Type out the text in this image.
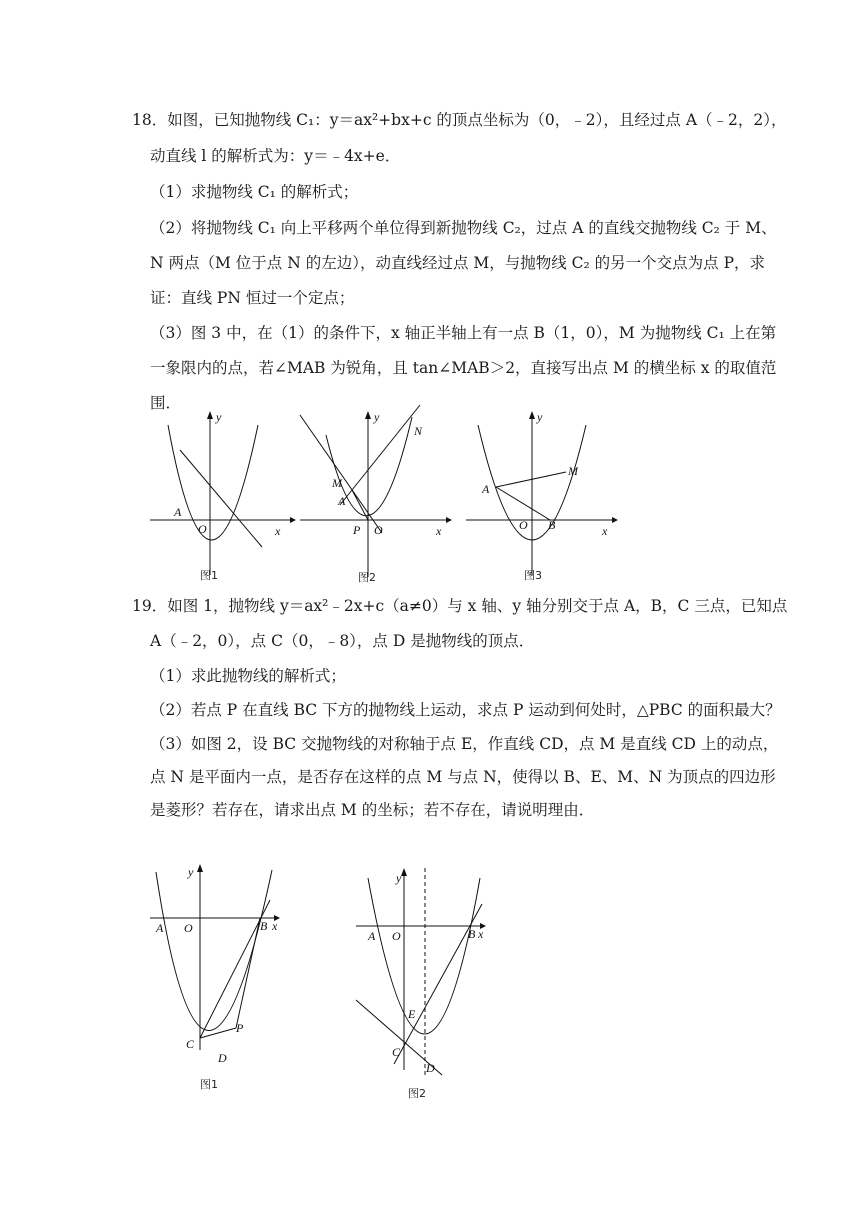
18．如图，已知抛物线 C₁：y＝ax²+bx+c 的顶点坐标为（0，﹣2），且经过点 A（﹣2，2），
动直线 l 的解析式为：y＝﹣4x+e．
（1）求抛物线 C₁ 的解析式；
（2）将抛物线 C₁ 向上平移两个单位得到新抛物线 C₂，过点 A 的直线交抛物线 C₂ 于 M、
N 两点（M 位于点 N 的左边），动直线经过点 M，与抛物线 C₂ 的另一个交点为点 P，求
证：直线 PN 恒过一个定点；
（3）图 3 中，在（1）的条件下，x 轴正半轴上有一点 B（1，0），M 为抛物线 C₁ 上在第
一象限内的点，若∠MAB 为锐角，且 tan∠MAB＞2，直接写出点 M 的横坐标 x 的取值范
围．
y
x
O
A
图1
y
x
O
N
M
A
P
图2
y
x
O
M
A
B
图3
19．如图 1，抛物线 y＝ax²﹣2x+c（a≠0）与 x 轴、y 轴分别交于点 A，B，C 三点，已知点
A（﹣2，0），点 C（0，﹣8），点 D 是抛物线的顶点．
（1）求此抛物线的解析式；
（2）若点 P 在直线 BC 下方的抛物线上运动，求点 P 运动到何处时，△PBC 的面积最大？
（3）如图 2，设 BC 交抛物线的对称轴于点 E，作直线 CD，点 M 是直线 CD 上的动点，
点 N 是平面内一点，是否存在这样的点 M 与点 N，使得以 B、E、M、N 为顶点的四边形
是菱形？若存在，请求出点 M 的坐标；若不存在，请说明理由．
y
x
A O	B
C
P
D
图1
y
x
A O	B
E
C
D
图2
